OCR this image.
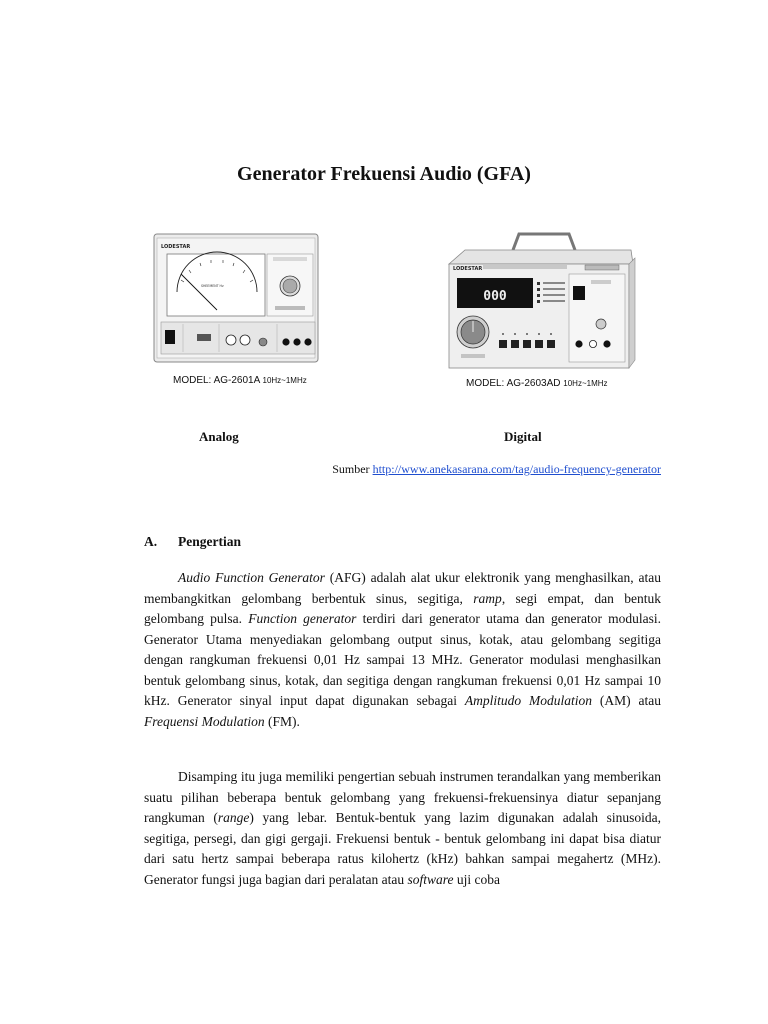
Generator Frekuensi Audio (GFA)
LODESTAR
SHEEMENT Hz
MODEL: AG-2601A 10Hz~1MHz
Analog
LODESTAR
000
MODEL: AG-2603AD 10Hz~1MHz
Digital
Sumber http://www.anekasarana.com/tag/audio-frequency-generator
A. Pengertian

Audio Function Generator (AFG) adalah alat ukur elektronik yang menghasilkan, atau membangkitkan gelombang berbentuk sinus, segitiga, ramp, segi empat, dan bentuk gelombang pulsa. Function generator terdiri dari generator utama dan generator modulasi. Generator Utama menyediakan gelombang output sinus, kotak, atau gelombang segitiga dengan rangkuman frekuensi 0,01 Hz sampai 13 MHz. Generator modulasi menghasilkan bentuk gelombang sinus, kotak, dan segitiga dengan rangkuman frekuensi 0,01 Hz sampai 10 kHz. Generator sinyal input dapat digunakan sebagai Amplitudo Modulation (AM) atau Frequensi Modulation (FM).

Disamping itu juga memiliki pengertian sebuah instrumen terandalkan yang memberikan suatu pilihan beberapa bentuk gelombang yang frekuensi-frekuensinya diatur sepanjang rangkuman (range) yang lebar. Bentuk-bentuk yang lazim digunakan adalah sinusoida, segitiga, persegi, dan gigi gergaji. Frekuensi bentuk - bentuk gelombang ini dapat bisa diatur dari satu hertz sampai beberapa ratus kilohertz (kHz) bahkan sampai megahertz (MHz). Generator fungsi juga bagian dari peralatan atau software uji coba
